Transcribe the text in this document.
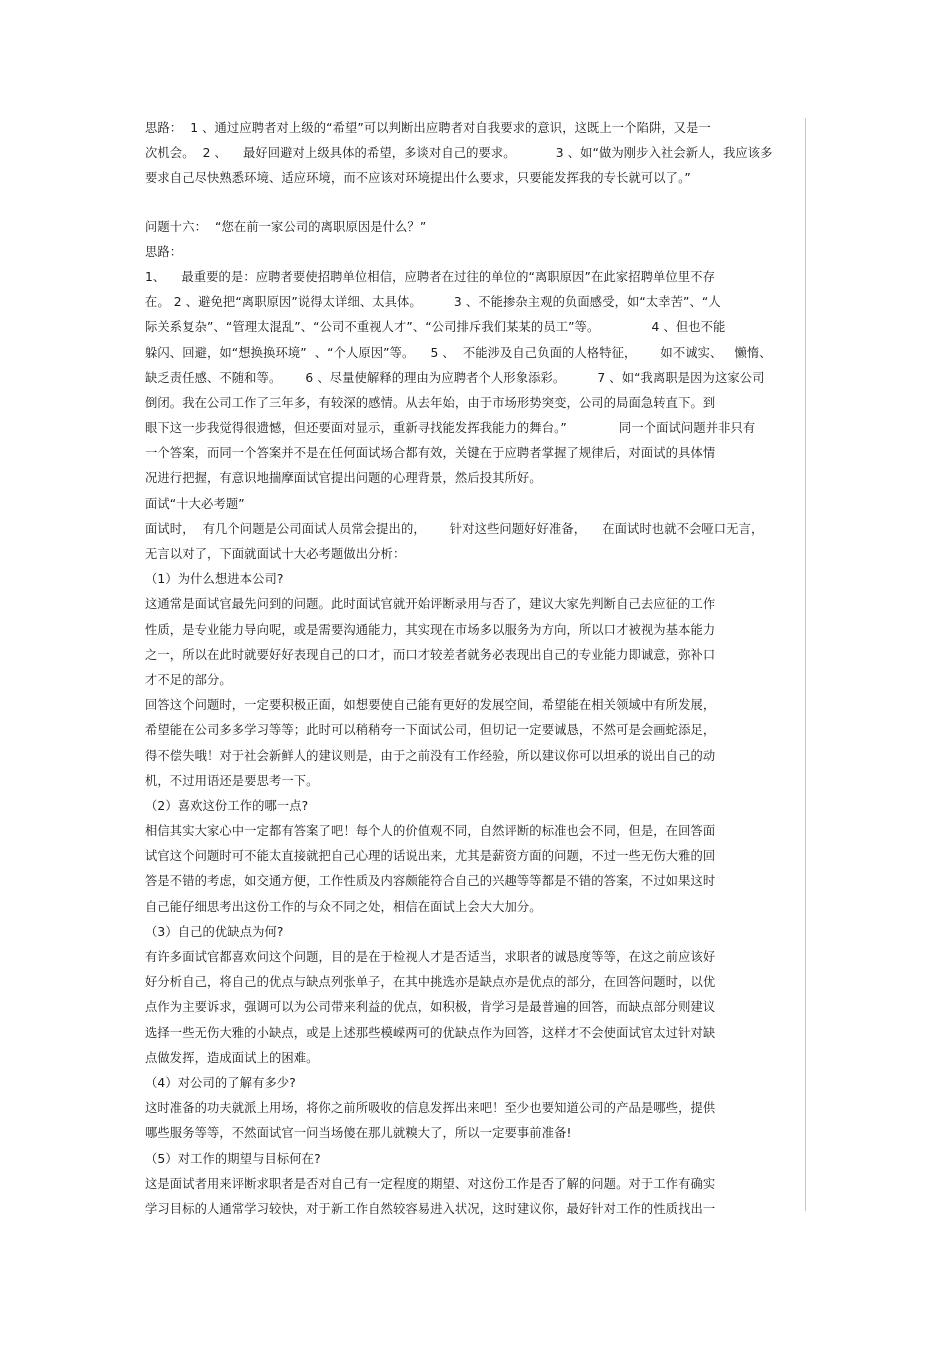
思路：  1 、通过应聘者对上级的“希望”可以判断出应聘者对自我要求的意识，这既上一个陷阱，又是一
次机会。  2 、    最好回避对上级具体的希望，多谈对自己的要求。          3 、如“做为刚步入社会新人，我应该多
要求自己尽快熟悉环境、适应环境，而不应该对环境提出什么要求，只要能发挥我的专长就可以了。”
问题十六：  “您在前一家公司的离职原因是什么？”
思路：
1、    最重要的是：应聘者要使招聘单位相信，应聘者在过往的单位的“离职原因”在此家招聘单位里不存
在。 2 、避免把“离职原因”说得太详细、太具体。        3 、不能掺杂主观的负面感受，如“太幸苦”、“人
际关系复杂”、“管理太混乱”、“公司不重视人才”、“公司排斥我们某某的员工”等。             4 、但也不能
躲闪、回避，如“想换换环境”  、“个人原因”等。    5 、  不能涉及自己负面的人格特征，      如不诚实、   懒惰、
缺乏责任感、不随和等。      6 、尽量使解释的理由为应聘者个人形象添彩。        7 、如“我离职是因为这家公司
倒闭。我在公司工作了三年多，有较深的感情。从去年始，由于市场形势突变，公司的局面急转直下。到
眼下这一步我觉得很遗憾，但还要面对显示，重新寻找能发挥我能力的舞台。”             同一个面试问题并非只有
一个答案，而同一个答案并不是在任何面试场合都有效，关键在于应聘者掌握了规律后，对面试的具体情
况进行把握，有意识地揣摩面试官提出问题的心理背景，然后投其所好。
面试“十大必考题”
面试时，  有几个问题是公司面试人员常会提出的，      针对这些问题好好准备，    在面试时也就不会哑口无言，
无言以对了，下面就面试十大必考题做出分析：
（1）为什么想进本公司?
这通常是面试官最先问到的问题。此时面试官就开始评断录用与否了，建议大家先判断自己去应征的工作
性质，是专业能力导向呢，或是需要沟通能力，其实现在市场多以服务为方向，所以口才被视为基本能力
之一，所以在此时就要好好表现自己的口才，而口才较差者就务必表现出自己的专业能力即诚意，弥补口
才不足的部分。
回答这个问题时，一定要积极正面，如想要使自己能有更好的发展空间，希望能在相关领域中有所发展，
希望能在公司多多学习等等；此时可以稍稍夸一下面试公司，但切记一定要诚恳，不然可是会画蛇添足，
得不偿失哦！对于社会新鲜人的建议则是，由于之前没有工作经验，所以建议你可以坦承的说出自己的动
机，不过用语还是要思考一下。
（2）喜欢这份工作的哪一点?
相信其实大家心中一定都有答案了吧！每个人的价值观不同，自然评断的标准也会不同，但是，在回答面
试官这个问题时可不能太直接就把自己心理的话说出来，尤其是薪资方面的问题，不过一些无伤大雅的回
答是不错的考虑，如交通方便，工作性质及内容颇能符合自己的兴趣等等都是不错的答案，不过如果这时
自己能仔细思考出这份工作的与众不同之处，相信在面试上会大大加分。
（3）自己的优缺点为何?
有许多面试官都喜欢问这个问题，目的是在于检视人才是否适当，求职者的诚恳度等等，在这之前应该好
好分析自己，将自己的优点与缺点列张单子，在其中挑选亦是缺点亦是优点的部分，在回答问题时，以优
点作为主要诉求，强调可以为公司带来利益的优点，如积极，肯学习是最普遍的回答，而缺点部分则建议
选择一些无伤大雅的小缺点，或是上述那些模嵘两可的优缺点作为回答，这样才不会使面试官太过针对缺
点做发挥，造成面试上的困难。
（4）对公司的了解有多少?
这时准备的功夫就派上用场，将你之前所吸收的信息发挥出来吧！至少也要知道公司的产品是哪些，提供
哪些服务等等，不然面试官一问当场傻在那儿就糗大了，所以一定要事前准备!
（5）对工作的期望与目标何在?
这是面试者用来评断求职者是否对自己有一定程度的期望、对这份工作是否了解的问题。对于工作有确实
学习目标的人通常学习较快，对于新工作自然较容易进入状况，这时建议你，最好针对工作的性质找出一
